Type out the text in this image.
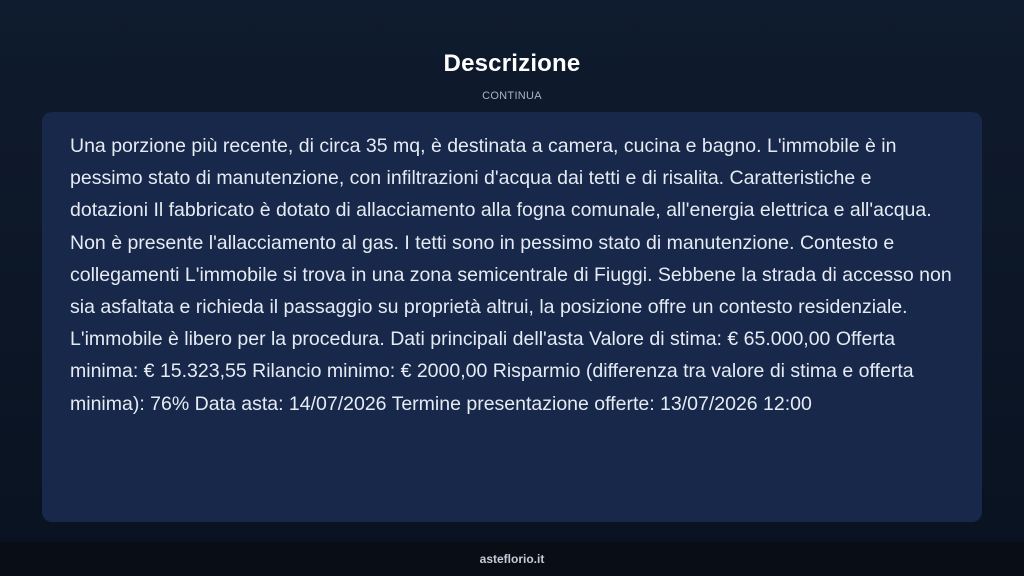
Descrizione
CONTINUA

Una porzione più recente, di circa 35 mq, è destinata a camera, cucina e bagno. L'immobile è in pessimo stato di manutenzione, con infiltrazioni d'acqua dai tetti e di risalita. Caratteristiche e dotazioni Il fabbricato è dotato di allacciamento alla fogna comunale, all'energia elettrica e all'acqua. Non è presente l'allacciamento al gas. I tetti sono in pessimo stato di manutenzione. Contesto e collegamenti L'immobile si trova in una zona semicentrale di Fiuggi. Sebbene la strada di accesso non sia asfaltata e richieda il passaggio su proprietà altrui, la posizione offre un contesto residenziale. L'immobile è libero per la procedura. Dati principali dell'asta Valore di stima: € 65.000,00 Offerta minima: € 15.323,55 Rilancio minimo: € 2000,00 Risparmio (differenza tra valore di stima e offerta minima): 76% Data asta: 14/07/2026 Termine presentazione offerte: 13/07/2026 12:00

asteflorio.it
